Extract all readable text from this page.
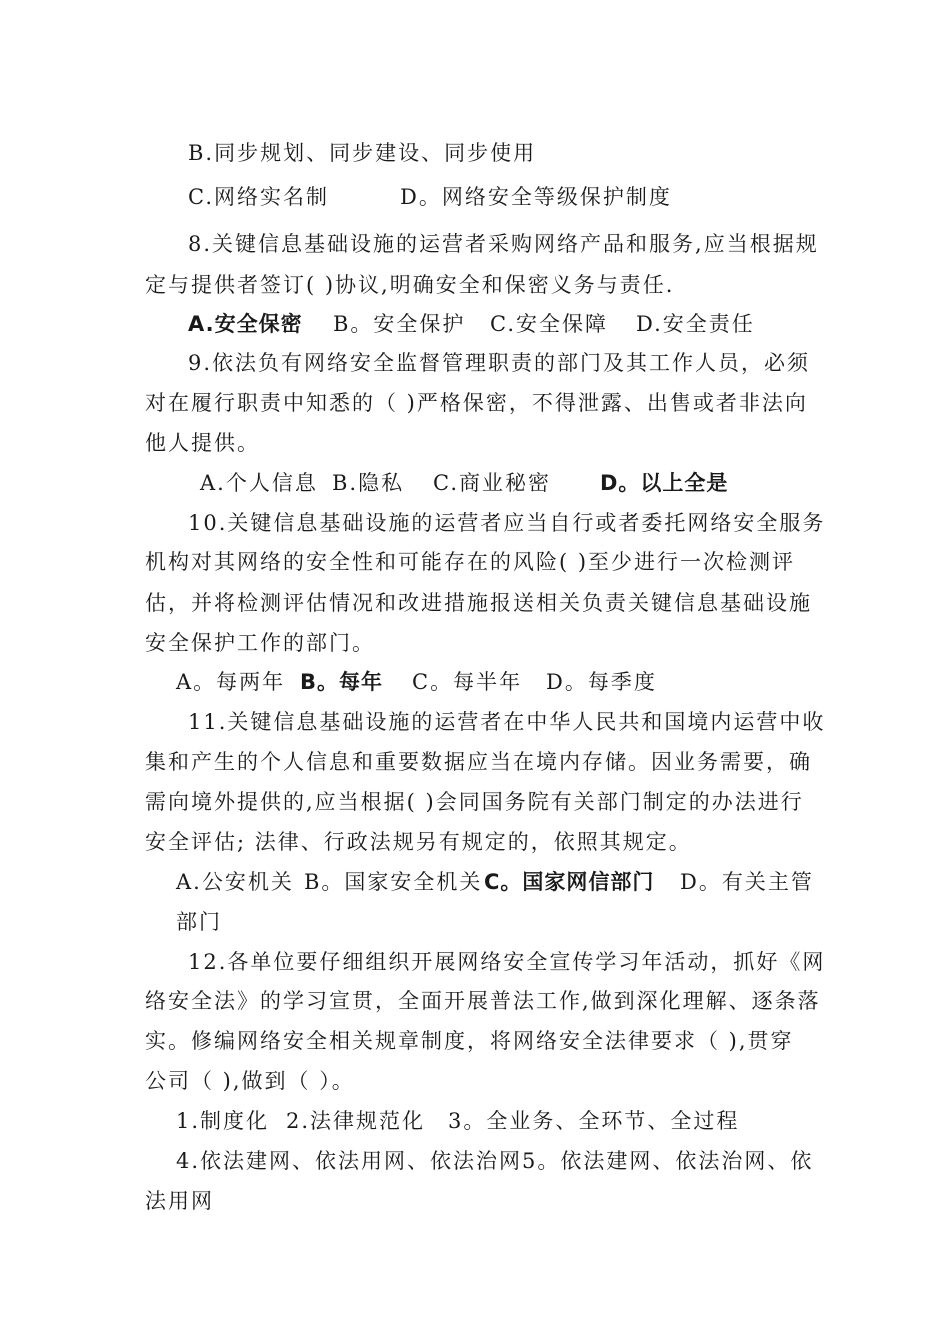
B.同步规划、同步建设、同步使用
C.网络实名制	D。网络安全等级保护制度
8.关键信息基础设施的运营者采购网络产品和服务,应当根据规
定与提供者签订( )协议,明确安全和保密义务与责任.
A.安全保密 B。安全保护 C.安全保障 D.安全责任
9.依法负有网络安全监督管理职责的部门及其工作人员，必须
对在履行职责中知悉的（ )严格保密，不得泄露、出售或者非法向
他人提供。
A.个人信息 B.隐私 C.商业秘密 D。以上全是
10.关键信息基础设施的运营者应当自行或者委托网络安全服务
机构对其网络的安全性和可能存在的风险( )至少进行一次检测评
估，并将检测评估情况和改进措施报送相关负责关键信息基础设施
安全保护工作的部门。
A。每两年 B。每年 C。每半年 D。每季度
11.关键信息基础设施的运营者在中华人民共和国境内运营中收
集和产生的个人信息和重要数据应当在境内存储。因业务需要，确
需向境外提供的,应当根据( )会同国务院有关部门制定的办法进行
安全评估; 法律、行政法规另有规定的，依照其规定。
A.公安机关 B。国家安全机关 C。国家网信部门 D。有关主管
部门
12.各单位要仔细组织开展网络安全宣传学习年活动，抓好《网
络安全法》的学习宣贯，全面开展普法工作,做到深化理解、逐条落
实。修编网络安全相关规章制度，将网络安全法律要求（ ),贯穿
公司（ ),做到（ ）。
1.制度化 2.法律规范化 3。全业务、全环节、全过程
4.依法建网、依法用网、依法治网 5。依法建网、依法治网、依
法用网
